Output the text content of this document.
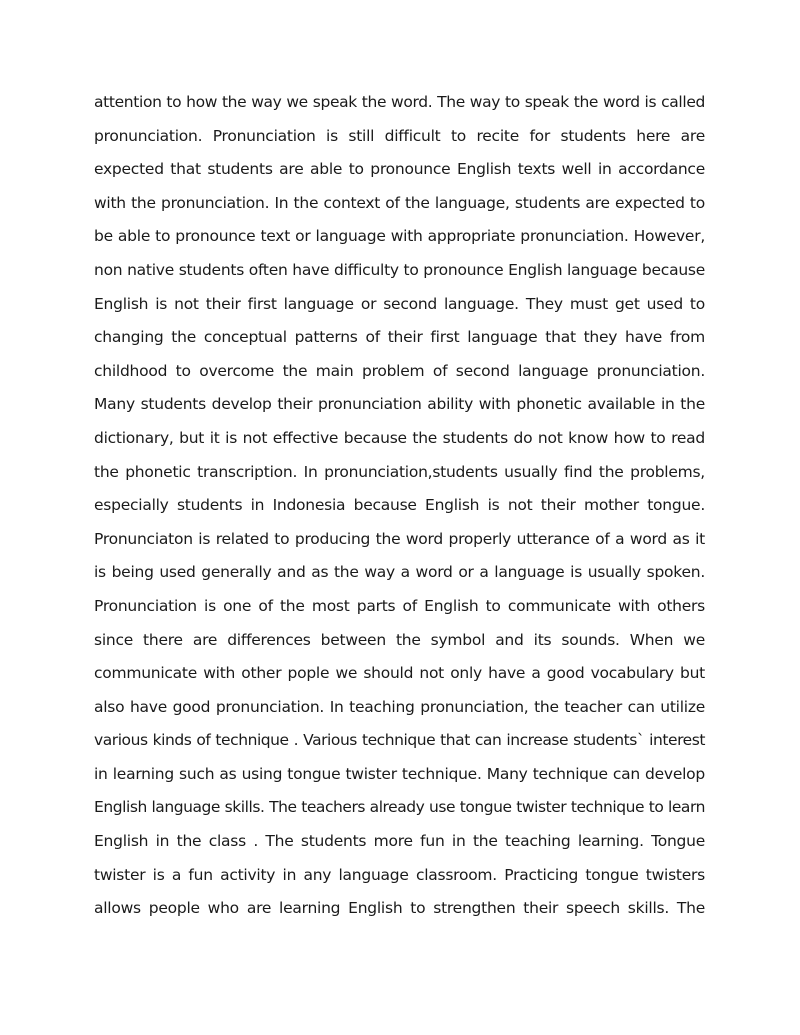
attention to how the way we speak the word. The way to speak the word is called
pronunciation. Pronunciation is still difficult to recite for students here are
expected that students are able to pronounce English texts well in accordance
with the pronunciation. In the context of the language, students are expected to
be able to pronounce text or language with appropriate pronunciation. However,
non native students often have difficulty to pronounce English language because
English is not their first language or second language. They must get used to
changing the conceptual patterns of their first language that they have from
childhood to overcome the main problem of second language pronunciation.
Many students develop their pronunciation ability with phonetic available in the
dictionary, but it is not effective because the students do not know how to read
the phonetic transcription. In pronunciation,students usually find the problems,
especially students in Indonesia because English is not their mother tongue.
Pronunciaton is related to producing the word properly utterance of a word as it
is being used generally and as the way a word or a language is usually spoken.
Pronunciation is one of the most parts of English to communicate with others
since there are differences between the symbol and its sounds. When we
communicate with other pople we should not only have a good vocabulary but
also have good pronunciation. In teaching pronunciation, the teacher can utilize
various kinds of technique . Various technique that can increase students` interest
in learning such as using tongue twister technique. Many technique can develop
English language skills. The teachers already use tongue twister technique to learn
English in the class . The students more fun in the teaching learning. Tongue
twister is a fun activity in any language classroom. Practicing tongue twisters
allows people who are learning English to strengthen their speech skills. The
